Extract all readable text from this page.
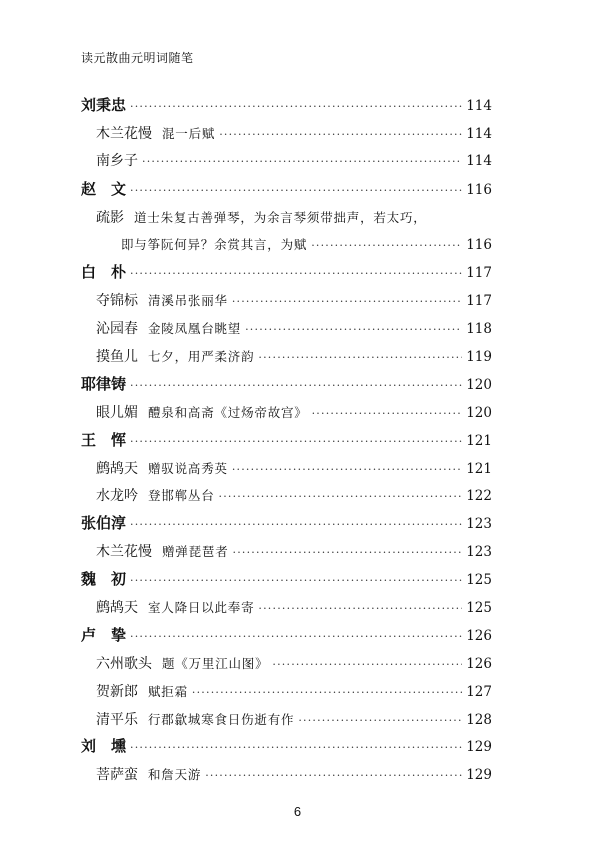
读元散曲元明词随笔
刘秉忠 ·····	114
木兰花慢 混一后赋 ·····	114
南乡子 ·····	114
赵　文 ·····	116
疏影 道士朱复古善弹琴，为余言琴须带拙声，若太巧，
即与筝阮何异？余赏其言，为赋 ·····	116
白　朴 ·····	117
夺锦标 清溪吊张丽华 ·····	117
沁园春 金陵凤凰台眺望 ·····	118
摸鱼儿 七夕，用严柔济韵 ·····	119
耶律铸 ·····	120
眼儿媚 醴泉和高斋《过炀帝故宫》 ·····	120
王　恽 ·····	121
鹧鸪天 赠驭说高秀英 ·····	121
水龙吟 登邯郸丛台 ·····	122
张伯淳 ·····	123
木兰花慢 赠弹琵琶者 ·····	123
魏　初 ·····	125
鹧鸪天 室人降日以此奉寄 ·····	125
卢　挚 ·····	126
六州歌头 题《万里江山图》 ·····	126
贺新郎 赋拒霜 ·····	127
清平乐 行郡歙城寒食日伤逝有作 ·····	128
刘　壎 ·····	129
菩萨蛮 和詹天游 ·····	129
6
